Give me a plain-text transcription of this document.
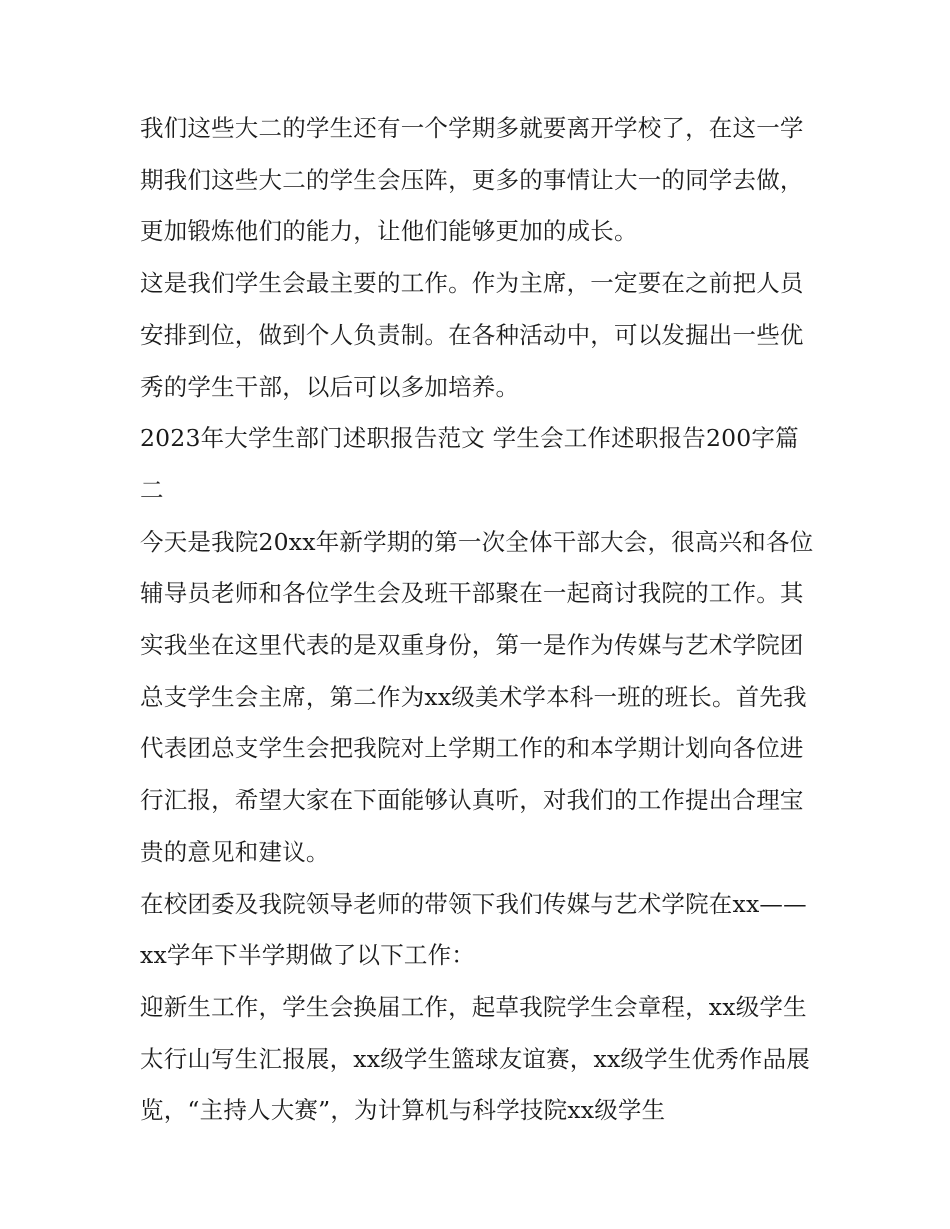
我们这些大二的学生还有一个学期多就要离开学校了，在这一学期我们这些大二的学生会压阵，更多的事情让大一的同学去做，更加锻炼他们的能力，让他们能够更加的成长。

这是我们学生会最主要的工作。作为主席，一定要在之前把人员安排到位，做到个人负责制。在各种活动中，可以发掘出一些优秀的学生干部，以后可以多加培养。

2023年大学生部门述职报告范文 学生会工作述职报告200字篇二

今天是我院20xx年新学期的第一次全体干部大会，很高兴和各位辅导员老师和各位学生会及班干部聚在一起商讨我院的工作。其实我坐在这里代表的是双重身份，第一是作为传媒与艺术学院团总支学生会主席，第二作为xx级美术学本科一班的班长。首先我代表团总支学生会把我院对上学期工作的和本学期计划向各位进行汇报，希望大家在下面能够认真听，对我们的工作提出合理宝贵的意见和建议。

在校团委及我院领导老师的带领下我们传媒与艺术学院在xx——xx学年下半学期做了以下工作：

迎新生工作，学生会换届工作，起草我院学生会章程，xx级学生太行山写生汇报展，xx级学生篮球友谊赛，xx级学生优秀作品展览，“主持人大赛”，为计算机与科学技院xx级学生
